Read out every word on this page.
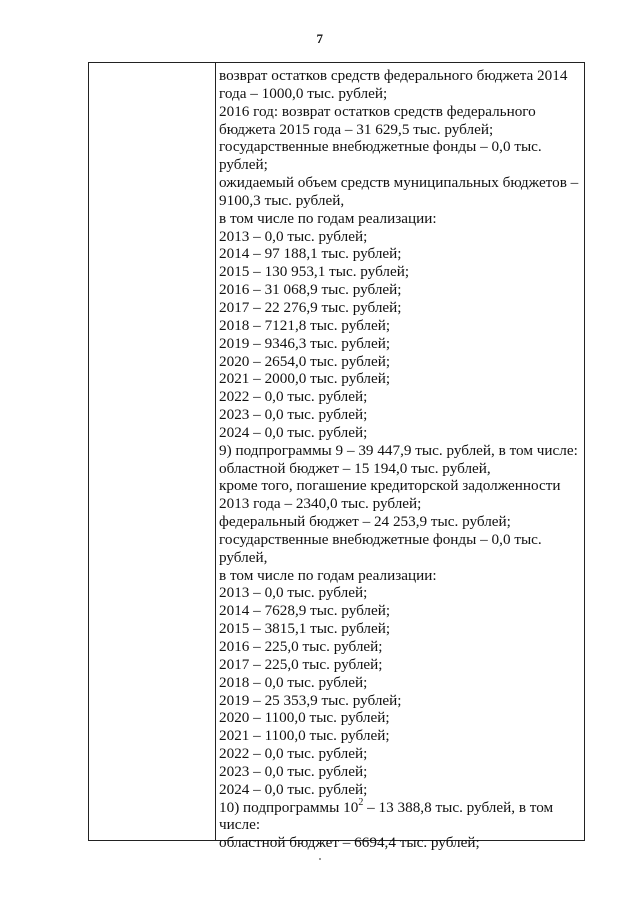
7
возврат остатков средств федерального бюджета 2014
года – 1000,0 тыс. рублей;
2016 год: возврат остатков средств федерального
бюджета 2015 года – 31 629,5 тыс. рублей;
государственные внебюджетные фонды – 0,0 тыс.
рублей;
ожидаемый объем средств муниципальных бюджетов –
9100,3 тыс. рублей,
в том числе по годам реализации:
2013 – 0,0 тыс. рублей;
2014 – 97 188,1 тыс. рублей;
2015 – 130 953,1 тыс. рублей;
2016 – 31 068,9 тыс. рублей;
2017 – 22 276,9 тыс. рублей;
2018 – 7121,8 тыс. рублей;
2019 – 9346,3 тыс. рублей;
2020 – 2654,0 тыс. рублей;
2021 – 2000,0 тыс. рублей;
2022 – 0,0 тыс. рублей;
2023 – 0,0 тыс. рублей;
2024 – 0,0 тыс. рублей;
9) подпрограммы 9 – 39 447,9 тыс. рублей, в том числе:
областной бюджет – 15 194,0 тыс. рублей,
кроме того, погашение кредиторской задолженности
2013 года – 2340,0 тыс. рублей;
федеральный бюджет – 24 253,9 тыс. рублей;
государственные внебюджетные фонды – 0,0 тыс.
рублей,
в том числе по годам реализации:
2013 – 0,0 тыс. рублей;
2014 – 7628,9 тыс. рублей;
2015 – 3815,1 тыс. рублей;
2016 – 225,0 тыс. рублей;
2017 – 225,0 тыс. рублей;
2018 – 0,0 тыс. рублей;
2019 – 25 353,9 тыс. рублей;
2020 – 1100,0 тыс. рублей;
2021 – 1100,0 тыс. рублей;
2022 – 0,0 тыс. рублей;
2023 – 0,0 тыс. рублей;
2024 – 0,0 тыс. рублей;
10) подпрограммы $10^2 - 13$ 388,8 тыс. рублей, в том
числе:
областной бюджет – 6694,4 тыс. рублей;
